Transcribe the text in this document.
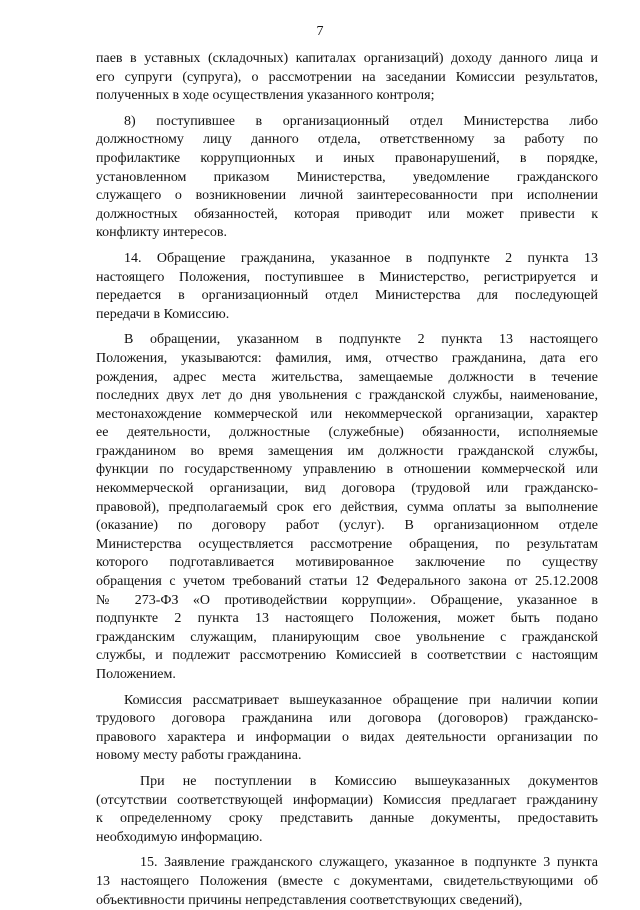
7
паев в уставных (складочных) капиталах организаций) доходу данного лица и
его супруги (супруга), о рассмотрении на заседании Комиссии результатов,
полученных в ходе осуществления указанного контроля;
8) поступившее в организационный отдел Министерства либо
должностному лицу данного отдела, ответственному за работу по
профилактике коррупционных и иных правонарушений, в порядке,
установленном приказом Министерства, уведомление гражданского
служащего о возникновении личной заинтересованности при исполнении
должностных обязанностей, которая приводит или может привести к
конфликту интересов.
14. Обращение гражданина, указанное в подпункте 2 пункта 13
настоящего Положения, поступившее в Министерство, регистрируется и
передается в организационный отдел Министерства для последующей
передачи в Комиссию.
В обращении, указанном в подпункте 2 пункта 13 настоящего
Положения, указываются: фамилия, имя, отчество гражданина, дата его
рождения, адрес места жительства, замещаемые должности в течение
последних двух лет до дня увольнения с гражданской службы, наименование,
местонахождение коммерческой или некоммерческой организации, характер
ее деятельности, должностные (служебные) обязанности, исполняемые
гражданином во время замещения им должности гражданской службы,
функции по государственному управлению в отношении коммерческой или
некоммерческой организации, вид договора (трудовой или гражданско-
правовой), предполагаемый срок его действия, сумма оплаты за выполнение
(оказание) по договору работ (услуг). В организационном отделе
Министерства осуществляется рассмотрение обращения, по результатам
которого подготавливается мотивированное заключение по существу
обращения с учетом требований статьи 12 Федерального закона от 25.12.2008
№ 273-ФЗ «О противодействии коррупции». Обращение, указанное в
подпункте 2 пункта 13 настоящего Положения, может быть подано
гражданским служащим, планирующим свое увольнение с гражданской
службы, и подлежит рассмотрению Комиссией в соответствии с настоящим
Положением.
Комиссия рассматривает вышеуказанное обращение при наличии копии
трудового договора гражданина или договора (договоров) гражданско-
правового характера и информации о видах деятельности организации по
новому месту работы гражданина.
При не поступлении в Комиссию вышеуказанных документов
(отсутствии соответствующей информации) Комиссия предлагает гражданину
к определенному сроку представить данные документы, предоставить
необходимую информацию.
15. Заявление гражданского служащего, указанное в подпункте 3 пункта
13 настоящего Положения (вместе с документами, свидетельствующими об
объективности причины непредставления соответствующих сведений),
